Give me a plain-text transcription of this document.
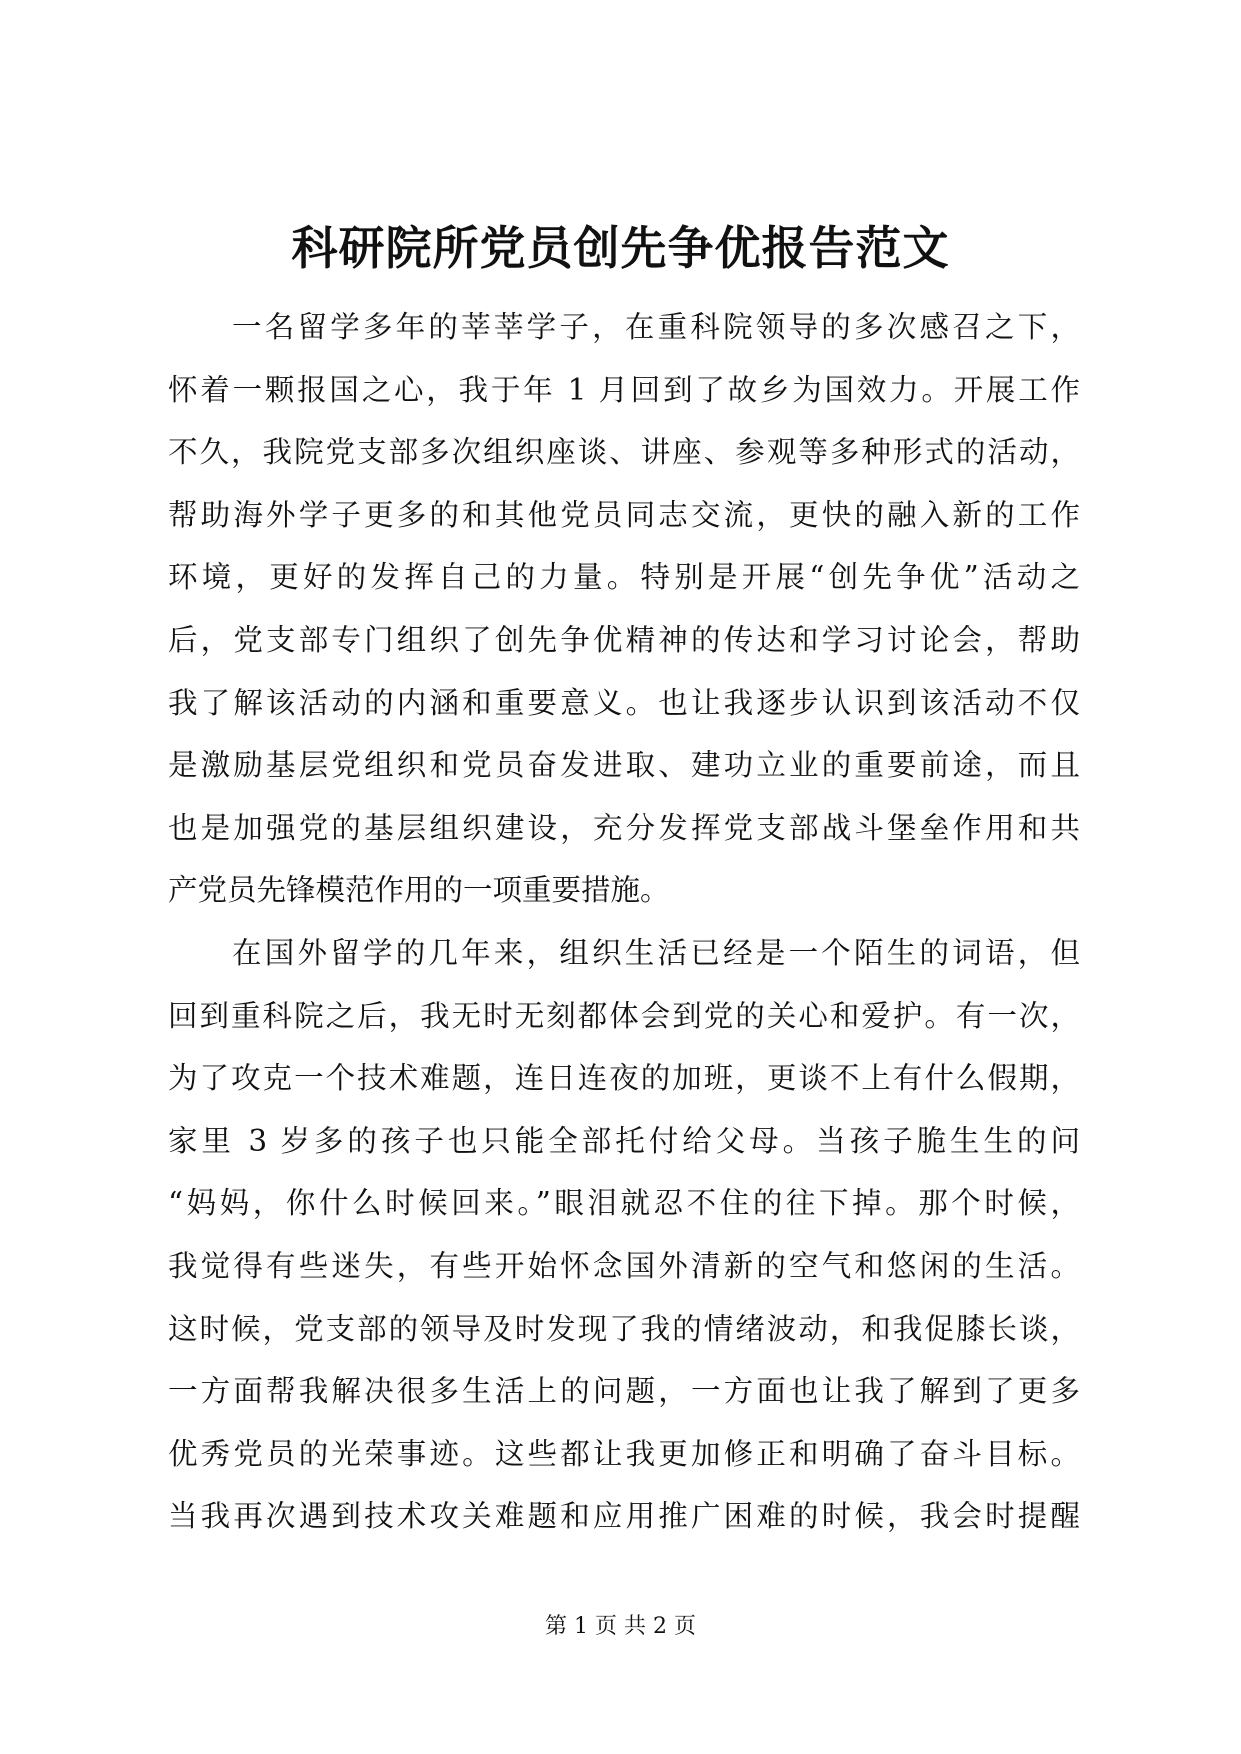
科研院所党员创先争优报告范文
一名留学多年的莘莘学子，在重科院领导的多次感召之下，
怀着一颗报国之心，我于年 1 月回到了故乡为国效力。开展工作
不久，我院党支部多次组织座谈、讲座、参观等多种形式的活动，
帮助海外学子更多的和其他党员同志交流，更快的融入新的工作
环境，更好的发挥自己的力量。特别是开展“创先争优”活动之
后，党支部专门组织了创先争优精神的传达和学习讨论会，帮助
我了解该活动的内涵和重要意义。也让我逐步认识到该活动不仅
是激励基层党组织和党员奋发进取、建功立业的重要前途，而且
也是加强党的基层组织建设，充分发挥党支部战斗堡垒作用和共
产党员先锋模范作用的一项重要措施。
在国外留学的几年来，组织生活已经是一个陌生的词语，但
回到重科院之后，我无时无刻都体会到党的关心和爱护。有一次，
为了攻克一个技术难题，连日连夜的加班，更谈不上有什么假期，
家里 3 岁多的孩子也只能全部托付给父母。当孩子脆生生的问
“妈妈，你什么时候回来。”眼泪就忍不住的往下掉。那个时候，
我觉得有些迷失，有些开始怀念国外清新的空气和悠闲的生活。
这时候，党支部的领导及时发现了我的情绪波动，和我促膝长谈，
一方面帮我解决很多生活上的问题，一方面也让我了解到了更多
优秀党员的光荣事迹。这些都让我更加修正和明确了奋斗目标。
当我再次遇到技术攻关难题和应用推广困难的时候，我会时提醒
第 1 页 共 2 页
